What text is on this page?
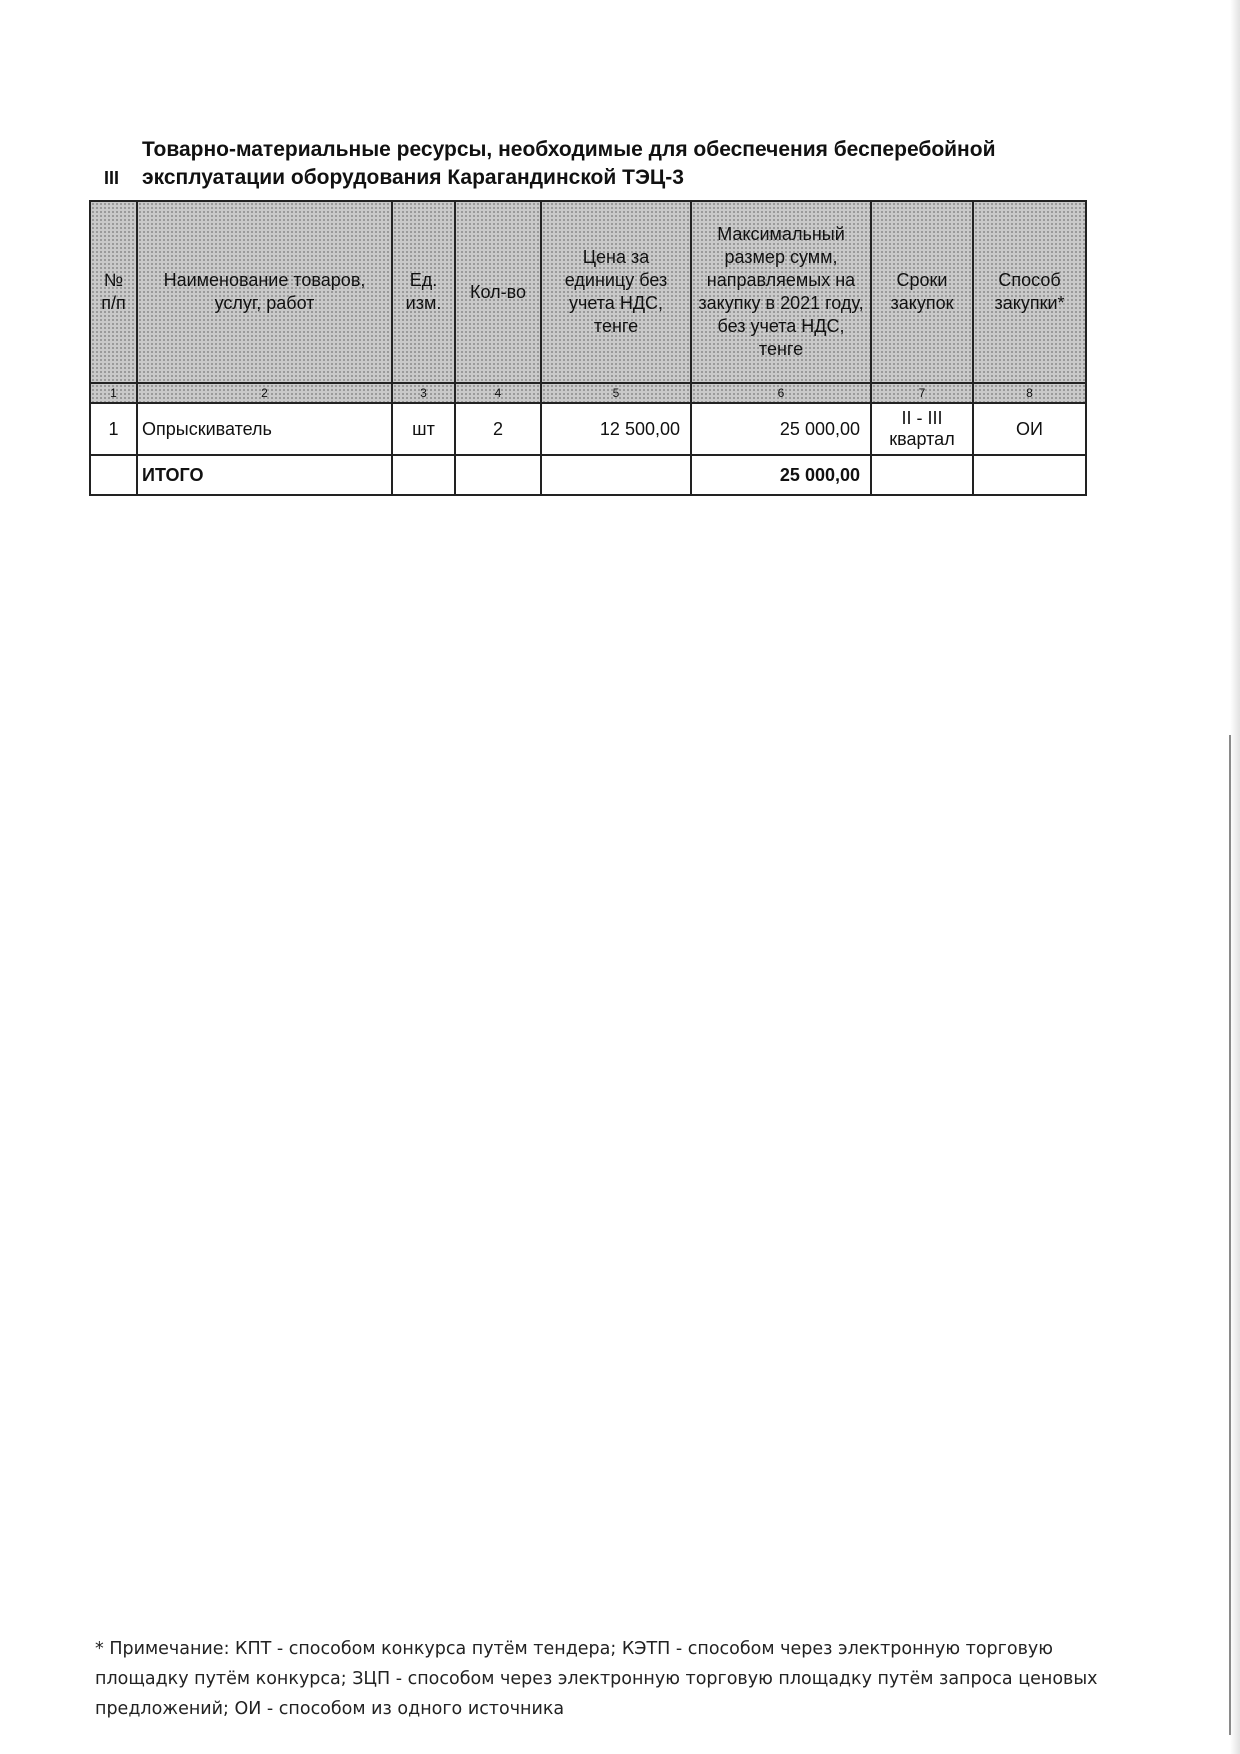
III
Товарно-материальные ресурсы, необходимые для обеспечения бесперебойной эксплуатации оборудования Карагандинской ТЭЦ-3
№ п/п	Наименование товаров, услуг, работ	Ед. изм.	Кол-во	Цена за единицу без учета НДС, тенге	Максимальный размер сумм, направляемых на закупку в 2021 году, без учета НДС, тенге	Сроки закупок	Способ закупки*
1	2	3	4	5	6	7	8
1	Опрыскиватель	шт	2	12 500,00	25 000,00	II - III квартал	ОИ
	ИТОГО				25 000,00		
* Примечание: КПТ - способом конкурса путём тендера; КЭТП - способом через электронную торговую площадку путём конкурса; ЗЦП - способом через электронную торговую площадку путём запроса ценовых предложений; ОИ - способом из одного источника
